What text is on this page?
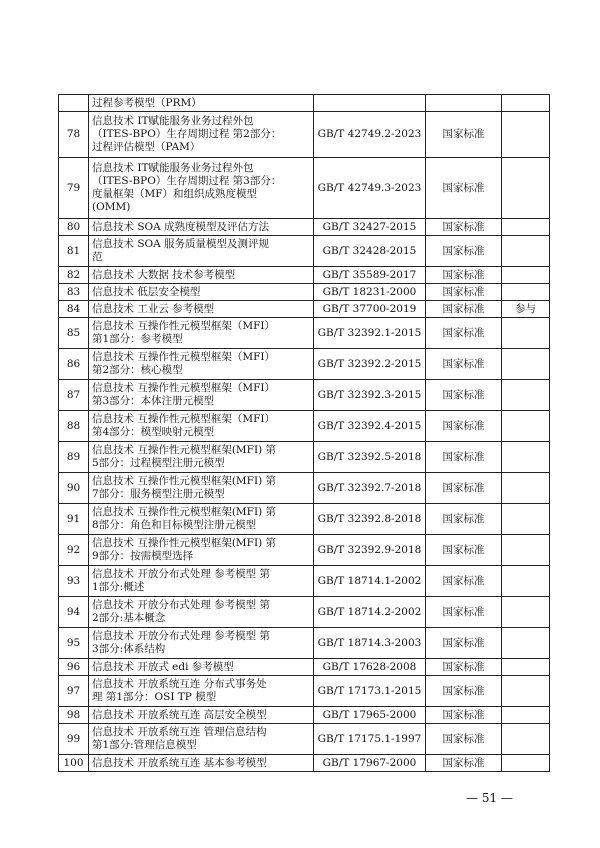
	过程参考模型（PRM）			
78	信息技术 IT赋能服务业务过程外包
（ITES-BPO）生存周期过程 第2部分：
过程评估模型（PAM）	GB/T 42749.2-2023	国家标准	
79	信息技术 IT赋能服务业务过程外包
（ITES-BPO）生存周期过程 第3部分：
度量框架（MF）和组织成熟度模型
(OMM)	GB/T 42749.3-2023	国家标准	
80	信息技术 SOA 成熟度模型及评估方法	GB/T 32427-2015	国家标准	
81	信息技术 SOA 服务质量模型及测评规
范	GB/T 32428-2015	国家标准	
82	信息技术 大数据 技术参考模型	GB/T 35589-2017	国家标准	
83	信息技术 低层安全模型	GB/T 18231-2000	国家标准	
84	信息技术 工业云 参考模型	GB/T 37700-2019	国家标准	参与
85	信息技术 互操作性元模型框架（MFI）
第1部分：参考模型	GB/T 32392.1-2015	国家标准	
86	信息技术 互操作性元模型框架（MFI）
第2部分：核心模型	GB/T 32392.2-2015	国家标准	
87	信息技术 互操作性元模型框架（MFI）
第3部分：本体注册元模型	GB/T 32392.3-2015	国家标准	
88	信息技术 互操作性元模型框架（MFI）
第4部分：模型映射元模型	GB/T 32392.4-2015	国家标准	
89	信息技术 互操作性元模型框架(MFI) 第
5部分：过程模型注册元模型	GB/T 32392.5-2018	国家标准	
90	信息技术 互操作性元模型框架(MFI) 第
7部分：服务模型注册元模型	GB/T 32392.7-2018	国家标准	
91	信息技术 互操作性元模型框架(MFI) 第
8部分：角色和目标模型注册元模型	GB/T 32392.8-2018	国家标准	
92	信息技术 互操作性元模型框架(MFI) 第
9部分：按需模型选择	GB/T 32392.9-2018	国家标准	
93	信息技术 开放分布式处理 参考模型 第
1部分:概述	GB/T 18714.1-2002	国家标准	
94	信息技术 开放分布式处理 参考模型 第
2部分:基本概念	GB/T 18714.2-2002	国家标准	
95	信息技术 开放分布式处理 参考模型 第
3部分:体系结构	GB/T 18714.3-2003	国家标准	
96	信息技术 开放式 edi 参考模型	GB/T 17628-2008	国家标准	
97	信息技术 开放系统互连 分布式事务处
理 第1部分：OSI TP 模型	GB/T 17173.1-2015	国家标准	
98	信息技术 开放系统互连 高层安全模型	GB/T 17965-2000	国家标准	
99	信息技术 开放系统互连 管理信息结构
第1部分:管理信息模型	GB/T 17175.1-1997	国家标准	
100	信息技术 开放系统互连 基本参考模型	GB/T 17967-2000	国家标准	
— 51 —
